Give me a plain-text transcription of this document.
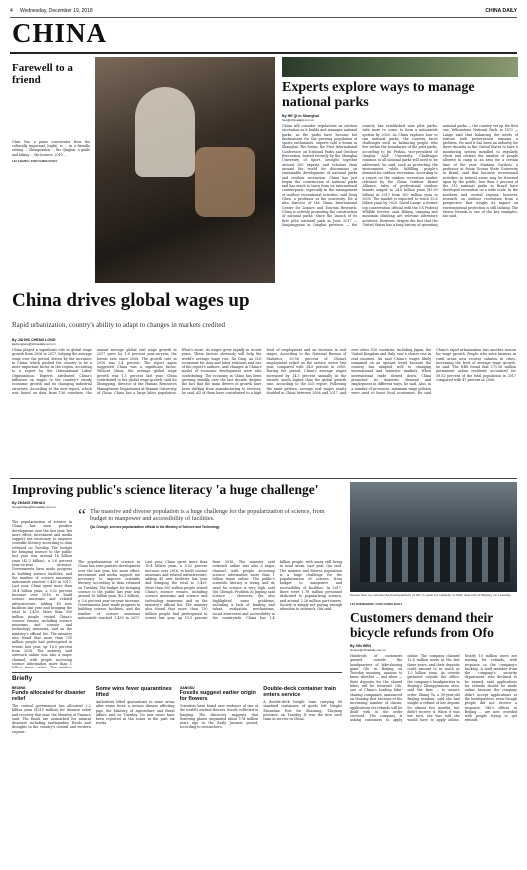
4 Wednesday, December 19, 2018	CHINA DAILY
CHINA
Farewell to a friend

Chen Yan, a piano conservator from the culturally important (right), is ... in a friendly setting ... Zhongnanhai ... the Qinghai, a guide and hiking ... the hostess, 2010 ...

LIU CHANG / FOR CHINA DAILY

Experts explore ways to manage national parks
By HE QI in Shanghai
heqi@chinadaily.com.cn

China will consider regulations on outdoor recreation as it builds and manages national parks, as the parks have become hot destinations for the growing population of sports enthusiasts, experts told a forum in Shanghai. The forum, the First International Conference on National Parks and Outdoor Recreation, hosted recently by the Shanghai University of Sport, brought together around 200 experts and scholars from around the world for discussions on sustainable development of national parks and outdoor recreation. China has just begun the construction of national parks and has much to learn from its international counterparts, especially in the management of outdoor recreational activities, said Deng Chen, a professor at the university. He is also director of the China International Center for Leisure and Tourism Research. China is actively promoting the construction of national parks. Since the launch of its first pilot national park in June 2017 — Sanjiangyuan in Qinghai province — the country has established nine pilot parks, with more to come, to form a nationwide system by 2020. As China explores how to run national parks, the country faces challenges such as balancing people who live within the boundaries of the pilot parks, according to Jin Peihua, vice-president of Qinghai A&F University. Challenges common to all national parks will need to be addressed, he said, such as protecting the environment while fulfilling people's demand for outdoor recreation. According to a report on the outdoor recreation market released by the China Outdoor Brand Alliance, sales of professional outdoor brands surged to 24.8 billion yuan ($3.59 billion) in 2017 from 100 million yuan in 2000. The market is expected to reach 32.6 billion yuan by 2020. David Lange, a former top conservation official with the US Federal Wildlife Service, said, Hiking, camping and mountain climbing are relevant adventure activities. However, despite the fact that the United States has a long history of operating national parks — the country set up the first one, Yellowstone National Park, in 1872 — Lange said that balancing the needs of visitors with preservation remains a problem. He said it has been an industry for three decades in the United States to have a monitoring system installed to regularly check and restrict the number of people allowed to camp in an area for a certain time of the year. Mariana Cardoso, a professor at Ponta Grossa State University in Brazil, said that because recreational activities in natural areas may be frowned upon by the public, less than 3 percent of the 313 national parks in Brazil have developed recreation on a wide scale. In the southern and central regions, however, research on outdoor recreation from a perspective that weighs its impact on environmental protection is still lacking. The Sierra Nevada is one of the key examples, she said.

China drives global wages up
Rapid urbanization, country's ability to adapt to changes in markets credited
By JIA NIC CHENG LONG
jiachenglong@chinadaily.com.cn

China played a significant role in global wage growth from 2006 to 2017, helping the average wage over the period, driven by the increases in China, which pushed the country to be a more important factor in the region, according to a report by the International Labor Organization. Experts attributed China's influence on wages to the country's steady economic growth and its changing industrial structure. According to the new report, which was based on data from 136 countries, the annual average global real wage growth in 2017 grew by 1.8 percent year-on-year, the lowest rate since 2008. The growth rate in 2016 was 2.4 percent. The report again suggested China was a significant factor. Without China, the average global wage growth was 1.1 percent last year. China contributed to the global wage growth, said Xu Zhongping, director of the Human Resources Management Department at Renmin University of China. China has a large labor population. What's more, its wages grew rapidly in recent years. These factors obviously will help the world's average wage rise. Xu Ding, an ILO economist for Asia and labor relations and one of the report's authors, said changes in China's model of economic development were also contributing. The economy in China has been growing steadily over the last decade, despite the fact that the main drivers of growth have been shifting from manufacturing to services, he said. All of them have contributed to a high level of employment and an increase in real wages. According to the National Bureau of Statistics, 59.58 percent of China's employment relied on the service sector last year, compared with 34.6 percent in 2000. During the period, China's average wages increased by 14.3 percent annually in the decade, much higher than the global growth rate, according to the ILO report. Following the same pattern, average real wages nearly doubled in China between 2006 and 2017, and over other G20 countries, including Japan, the United Kingdom and Italy, saw a slower rise in real incomes. Xu said China's wages likely remained on an upward trend because the country has adapted well to changing international and domestic markets. When international trade slowed down, China promoted its domestic demand and employment in different ways, he said. Also, in a number of provinces, minimum wage policies were used to boost local economies. He said China's rapid urbanization was another reason for wage growth. People who were farmers in rural areas now receive salaries in cities, increasing the level of average wage growth, he said. The NBS found that 171.06 million permanent urban residents accounted for 58.52 percent of the total population in 2017 compared with 47 percent in 2006.

Improving public's science literacy 'a huge challenge'
By ZHANG ZHIHAO
zhangzhihao@chinadaily.com.cn

The popularization of science in China has seen positive development over the last year, but more effort, investment and media support are necessary to improve scientific literacy, according to data released on Tuesday. The budget for bringing science to the public last year was around 16 billion yuan ($2.3 billion), a 3.6 percent year-on-year increase. Governments have made progress in building science facilities, and the number of science museums nationwide reached 1,439 in 2017. Last year, China spent more than 16.4 billion yuan, a 5.52 percent increase over 2016, to build science museums and related infrastructure, adding 45 new facilities last year and bringing the total to 1,439. More than 300 million people visited China's science venues, including science museums and science and technology museums, and on the ministry's official list. The ministry also found that more than 730 million people had participated in events last year, up 10.5 percent from 2016. The ministry said outreach online was also a major channel, with people accessing science information more than 1

“ The massive and diverse population is a huge challenge for the popularization of science, from budget to manpower and accessibility of facilities.
Qiu Chengli, science popularization official in the Ministry of Science and Technology

The popularization of science in China has seen positive development over the last year, but more effort, investment and media support are necessary to improve scientific literacy, according to data released on Tuesday. The budget for bringing science to the public last year was around 16 billion yuan ($2.3 billion), a 3.6 percent year-on-year increase. Governments have made progress in building science facilities, and the number of science museums nationwide reached 1,439 in 2017. Last year, China spent more than 16.4 billion yuan, a 5.52 percent increase over 2016, to build science museums and related infrastructure, adding 45 new facilities last year and bringing the total to 1,439. More than 300 million people visited China's science venues, including science museums and science and technology museums, and on the ministry's official list. The ministry also found that more than 730 million people had participated in events last year, up 10.5 percent from 2016. The ministry said outreach online was also a major channel, with people accessing science information more than 1 billion times online. The public's scientific literacy is rising, and its need for science is very high, said Qiu Chengli. Problem Xi Jinping said science ... However, Qiu also highlighted some problems, including a lack of funding and talent, evaluation mechanisms, social awareness and accessibility in the countryside. China has 1.4 billion people, with many still living in rural areas. Last year, Qiu said. The massive and diverse population is a huge challenge for the popularization of science, from budget to manpower and accessibility of facilities. In 2017, there were 1.78 million personnel dedicated to popularizing science, and around 2.26 million part-timers. Society is simply not paying enough attention to outreach, Qiu said.

People line up outside the headquarters of Ofo to seek for refunds of their deposits in Beijing on Tuesday.

LIU SHENGBING / FOR CHINA DAILY

Customers demand their bicycle refunds from Ofo
By XIN WEN
xinwen@chinadaily.com.cn

Hundreds of customers queued outside the headquarters of bike-sharing giant Ofo in Beijing on Tuesday morning, anxious to know whether — and when — their deposits for the shared bikes will be returned. Ofo, one of China's leading bike-sharing companies, announced on Monday that because of the increasing number of claims, applications for refunds will be dealt with in the order received. The company is asking customers to apply online. The company claimed 12.6 million users in the last three years, and their deposits could amount to as much as 1.5 billion yuan. As crowds gathered outside the office, the company's headquarters in Beijing's Zhongguancun area, said the firm ... to ensure order. Zhang Ya, a 30-year-old Beijing resident, said she had sought a refund of her deposit for almost two months, but didn't receive it. When it was her turn, she was told she would have to apply online. Nearly 10 million users are waiting for refunds, with response in the company's backlog. A staff member from the company's security department, who declined to be named, said applications for refunds should be made online because the company didn't accept applications at the headquarters, even though people did not receive a response. Ofo's offices in Beijing ... are now crowded with people trying to get refunds.

Briefly
BEIJING
Funds allocated for disaster relief

The central government has allocated 2.2 billion yuan ($319 million) for disaster relief and recovery this year, the Ministry of Finance said. The funds are earmarked for natural disasters including earthquakes, floods and droughts in the country's central and western regions.

Some wins fever quarantines lifted

Authorities lifted quarantines in some areas after swine fever, a serious disease affecting pigs, the Ministry of Agriculture and Rural Affairs said on Tuesday. No new cases have been reported in the zones in the past six weeks.

JIANGSU
Fossils suggest earlier origin for flowers

Scientists have found new evidence of one of the world's earliest flowers, fossils collected in Nanjing. The discovery suggests that flowering plants originated about 174 million years ago in the Early Jurassic period, according to researchers.

Double-deck container train enters service

A double-deck freight train carrying 96 standard containers of goods left Ningbo Zhoushan Port for Shaoxing, Zhejiang province, on Tuesday. It was the first such train in service in China.
